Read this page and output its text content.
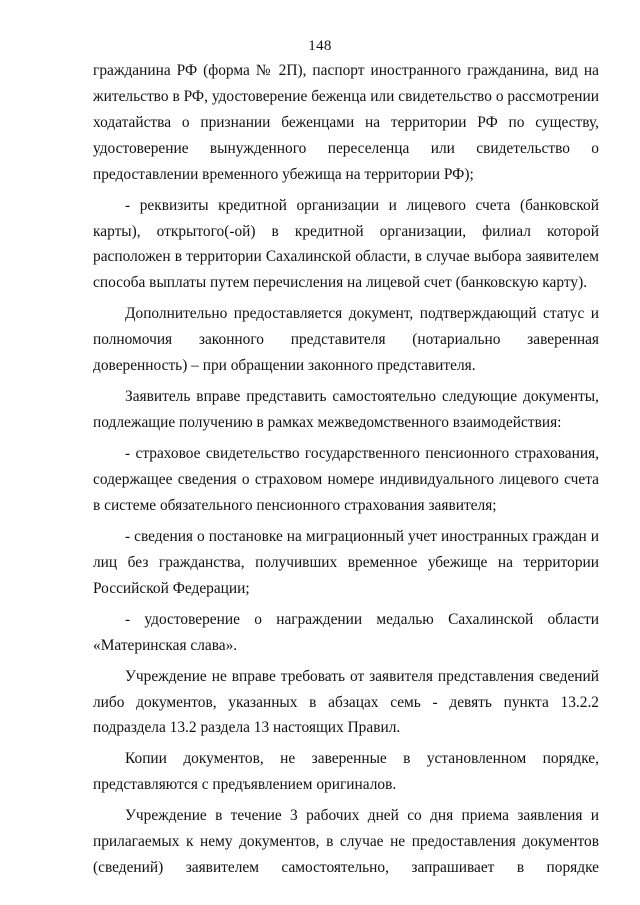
148

гражданина РФ (форма № 2П), паспорт иностранного гражданина, вид на жительство в РФ, удостоверение беженца или свидетельство о рассмотрении ходатайства о признании беженцами на территории РФ по существу, удостоверение вынужденного переселенца или свидетельство о предоставлении временного убежища на территории РФ);

- реквизиты кредитной организации и лицевого счета (банковской карты), открытого(-ой) в кредитной организации, филиал которой расположен в территории Сахалинской области, в случае выбора заявителем способа выплаты путем перечисления на лицевой счет (банковскую карту).

Дополнительно предоставляется документ, подтверждающий статус и полномочия законного представителя (нотариально заверенная доверенность) – при обращении законного представителя.

Заявитель вправе представить самостоятельно следующие документы, подлежащие получению в рамках межведомственного взаимодействия:

- страховое свидетельство государственного пенсионного страхования, содержащее сведения о страховом номере индивидуального лицевого счета в системе обязательного пенсионного страхования заявителя;

- сведения о постановке на миграционный учет иностранных граждан и лиц без гражданства, получивших временное убежище на территории Российской Федерации;

- удостоверение о награждении медалью Сахалинской области «Материнская слава».

Учреждение не вправе требовать от заявителя представления сведений либо документов, указанных в абзацах семь - девять пункта 13.2.2 подраздела 13.2 раздела 13 настоящих Правил.

Копии документов, не заверенные в установленном порядке, представляются с предъявлением оригиналов.

Учреждение в течение 3 рабочих дней со дня приема заявления и прилагаемых к нему документов, в случае не предоставления документов (сведений) заявителем самостоятельно, запрашивает в порядке
